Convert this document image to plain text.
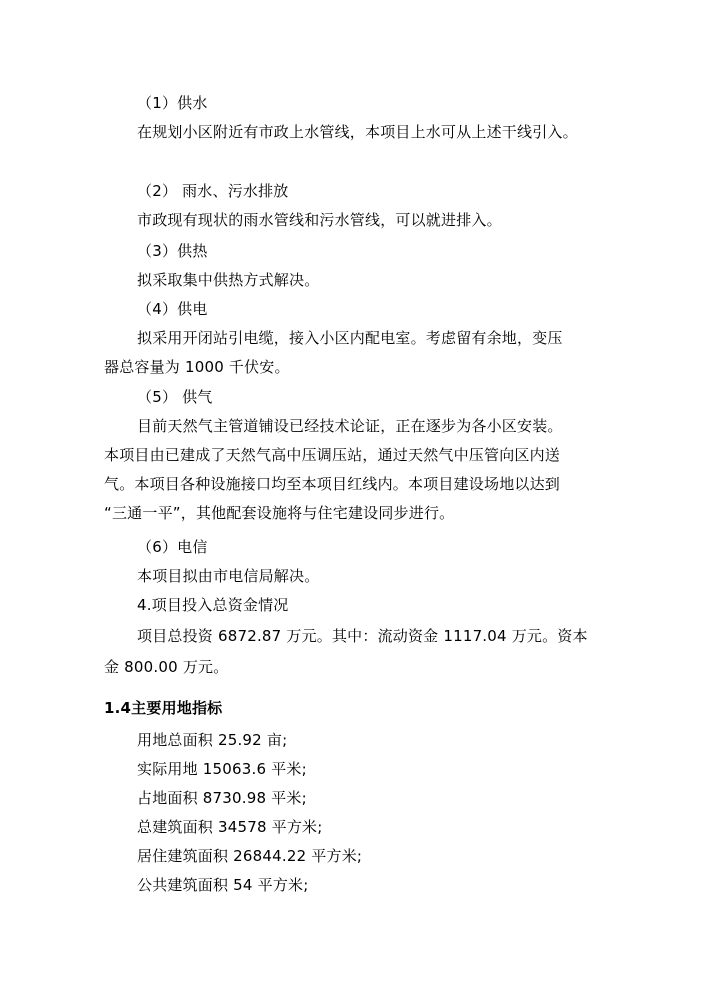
（1）供水
在规划小区附近有市政上水管线，本项目上水可从上述干线引入。
（2） 雨水、污水排放
市政现有现状的雨水管线和污水管线，可以就进排入。
（3）供热
拟采取集中供热方式解决。
（4）供电
拟采用开闭站引电缆，接入小区内配电室。考虑留有余地，变压
器总容量为 1000 千伏安。
（5） 供气
目前天然气主管道铺设已经技术论证，正在逐步为各小区安装。
本项目由已建成了天然气高中压调压站，通过天然气中压管向区内送
气。本项目各种设施接口均至本项目红线内。本项目建设场地以达到
“三通一平”，其他配套设施将与住宅建设同步进行。
（6）电信
本项目拟由市电信局解决。
4.项目投入总资金情况
项目总投资 6872.87 万元。其中：流动资金 1117.04 万元。资本
金 800.00 万元。
1.4主要用地指标
用地总面积 25.92 亩;
实际用地 15063.6 平米;
占地面积 8730.98 平米;
总建筑面积 34578 平方米;
居住建筑面积 26844.22 平方米;
公共建筑面积 54 平方米;
